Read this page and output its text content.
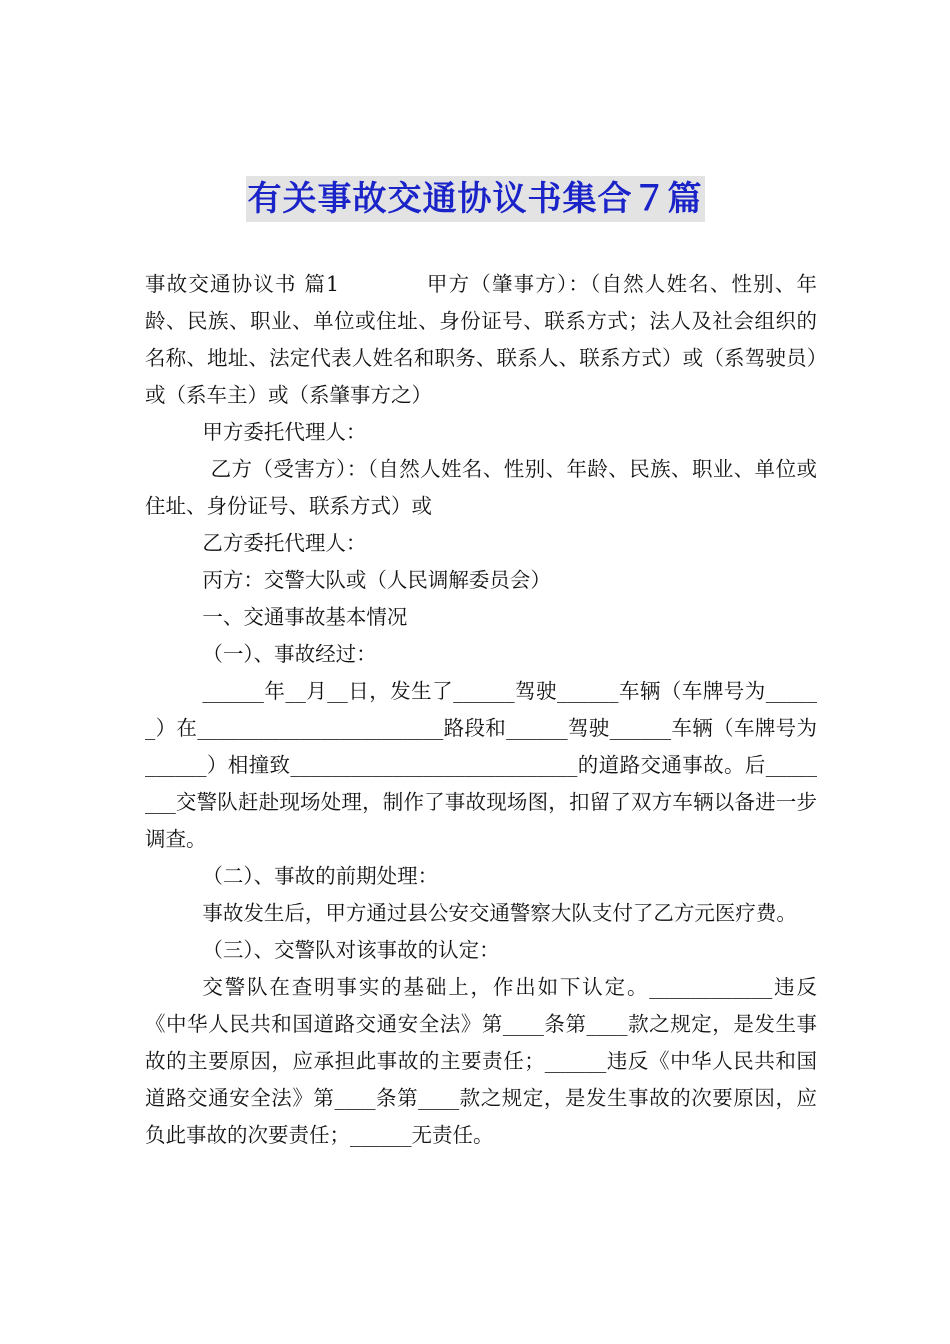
有关事故交通协议书集合７篇

事故交通协议书 篇1　　　　甲方（肇事方）：（自然人姓名、性别、年龄、民族、职业、单位或住址、身份证号、联系方式；法人及社会组织的名称、地址、法定代表人姓名和职务、联系人、联系方式）或（系驾驶员）或（系车主）或（系肇事方之）

甲方委托代理人：

乙方（受害方）：（自然人姓名、性别、年龄、民族、职业、单位或住址、身份证号、联系方式）或

乙方委托代理人：

丙方：交警大队或（人民调解委员会）

一、交通事故基本情况

（一）、事故经过：

______年__月__日，发生了______驾驶______车辆（车牌号为______）在________________________路段和______驾驶______车辆（车牌号为______）相撞致____________________________的道路交通事故。后________交警队赶赴现场处理，制作了事故现场图，扣留了双方车辆以备进一步调查。

（二）、事故的前期处理：

事故发生后，甲方通过县公安交通警察大队支付了乙方元医疗费。

（三）、交警队对该事故的认定：

交警队在查明事实的基础上，作出如下认定。____________违反《中华人民共和国道路交通安全法》第____条第____款之规定，是发生事故的主要原因，应承担此事故的主要责任；______违反《中华人民共和国道路交通安全法》第____条第____款之规定，是发生事故的次要原因，应负此事故的次要责任；______无责任。
